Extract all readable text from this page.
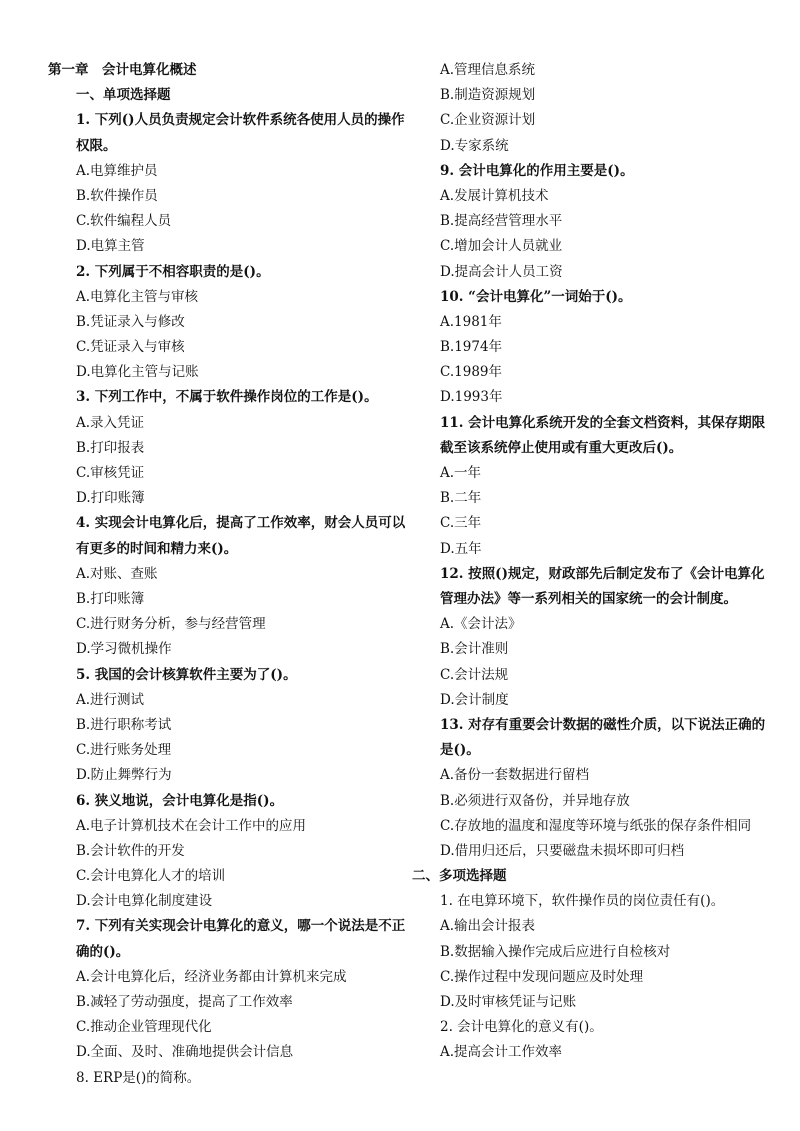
第一章　会计电算化概述
一、单项选择题
1. 下列()人员负责规定会计软件系统各使用人员的操作权限。
A.电算维护员
B.软件操作员
C.软件编程人员
D.电算主管
2. 下列属于不相容职责的是()。
A.电算化主管与审核
B.凭证录入与修改
C.凭证录入与审核
D.电算化主管与记账
3. 下列工作中，不属于软件操作岗位的工作是()。
A.录入凭证
B.打印报表
C.审核凭证
D.打印账簿
4. 实现会计电算化后，提高了工作效率，财会人员可以有更多的时间和精力来()。
A.对账、查账
B.打印账簿
C.进行财务分析，参与经营管理
D.学习微机操作
5. 我国的会计核算软件主要为了()。
A.进行测试
B.进行职称考试
C.进行账务处理
D.防止舞弊行为
6. 狭义地说，会计电算化是指()。
A.电子计算机技术在会计工作中的应用
B.会计软件的开发
C.会计电算化人才的培训
D.会计电算化制度建设
7. 下列有关实现会计电算化的意义，哪一个说法是不正确的()。
A.会计电算化后，经济业务都由计算机来完成
B.减轻了劳动强度，提高了工作效率
C.推动企业管理现代化
D.全面、及时、准确地提供会计信息
8. ERP是()的简称。
A.管理信息系统
B.制造资源规划
C.企业资源计划
D.专家系统
9. 会计电算化的作用主要是()。
A.发展计算机技术
B.提高经营管理水平
C.增加会计人员就业
D.提高会计人员工资
10. “会计电算化”一词始于()。
A.1981年
B.1974年
C.1989年
D.1993年
11. 会计电算化系统开发的全套文档资料，其保存期限截至该系统停止使用或有重大更改后()。
A.一年
B.二年
C.三年
D.五年
12. 按照()规定，财政部先后制定发布了《会计电算化管理办法》等一系列相关的国家统一的会计制度。
A.《会计法》
B.会计准则
C.会计法规
D.会计制度
13. 对存有重要会计数据的磁性介质，以下说法正确的是()。
A.备份一套数据进行留档
B.必须进行双备份，并异地存放
C.存放地的温度和湿度等环境与纸张的保存条件相同
D.借用归还后，只要磁盘未损坏即可归档
二、多项选择题
1. 在电算环境下，软件操作员的岗位责任有()。
A.输出会计报表
B.数据输入操作完成后应进行自检核对
C.操作过程中发现问题应及时处理
D.及时审核凭证与记账
2. 会计电算化的意义有()。
A.提高会计工作效率
